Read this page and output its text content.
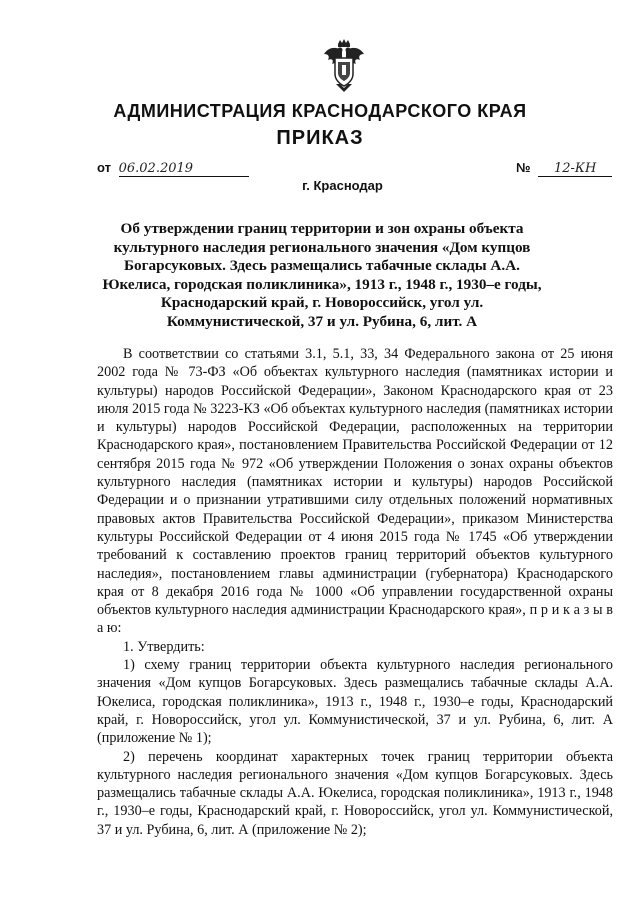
АДМИНИСТРАЦИЯ КРАСНОДАРСКОГО КРАЯ
ПРИКАЗ
от 06.02.2019	№ 12-КН
г. Краснодар
Об утверждении границ территории и зон охраны объекта культурного наследия регионального значения «Дом купцов Богарсуковых. Здесь размещались табачные склады А.А. Юкелиса, городская поликлиника», 1913 г., 1948 г., 1930–е годы, Краснодарский край, г. Новороссийск, угол ул. Коммунистической, 37 и ул. Рубина, 6, лит. А

В соответствии со статьями 3.1, 5.1, 33, 34 Федерального закона от 25 июня 2002 года № 73-ФЗ «Об объектах культурного наследия (памятниках истории и культуры) народов Российской Федерации», Законом Краснодарского края от 23 июля 2015 года № 3223-КЗ «Об объектах культурного наследия (памятниках истории и культуры) народов Российской Федерации, расположенных на территории Краснодарского края», постановлением Правительства Российской Федерации от 12 сентября 2015 года № 972 «Об утверждении Положения о зонах охраны объектов культурного наследия (памятниках истории и культуры) народов Российской Федерации и о признании утратившими силу отдельных положений нормативных правовых актов Правительства Российской Федерации», приказом Министерства культуры Российской Федерации от 4 июня 2015 года № 1745 «Об утверждении требований к составлению проектов границ территорий объектов культурного наследия», постановлением главы администрации (губернатора) Краснодарского края от 8 декабря 2016 года № 1000 «Об управлении государственной охраны объектов культурного наследия администрации Краснодарского края», п р и к а з ы в а ю:

1. Утвердить:

1) схему границ территории объекта культурного наследия регионального значения «Дом купцов Богарсуковых. Здесь размещались табачные склады А.А. Юкелиса, городская поликлиника», 1913 г., 1948 г., 1930–е годы, Краснодарский край, г. Новороссийск, угол ул. Коммунистической, 37 и ул. Рубина, 6, лит. А (приложение № 1);

2) перечень координат характерных точек границ территории объекта культурного наследия регионального значения «Дом купцов Богарсуковых. Здесь размещались табачные склады А.А. Юкелиса, городская поликлиника», 1913 г., 1948 г., 1930–е годы, Краснодарский край, г. Новороссийск, угол ул. Коммунистической, 37 и ул. Рубина, 6, лит. А (приложение № 2);
